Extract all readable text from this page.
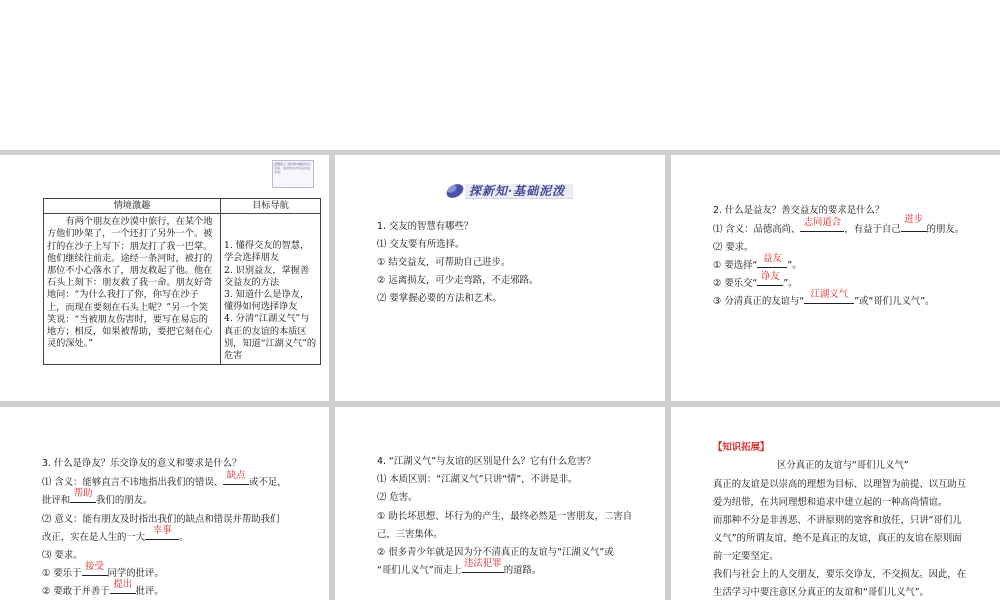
温馨提示 请将课本翻到对应页码，阅读相关内容后完成学案。
情境激趣	目标导航
有两个朋友在沙漠中旅行，在某个地方他们吵架了，一个还打了另外一个。被打的在沙子上写下：朋友打了我一巴掌。他们继续往前走。途经一条河时，被打的那位不小心落水了，朋友救起了他。他在石头上刻下：朋友救了我一命。朋友好奇地问：“为什么我打了你，你写在沙子上，而现在要刻在石头上呢？”另一个笑笑说：“当被朋友伤害时，要写在易忘的地方；相反，如果被帮助，要把它刻在心灵的深处。”	1. 懂得交友的智慧，学会选择朋友
2. 识别益友，掌握善交益友的方法
3. 知道什么是诤友，懂得如何选择诤友
4. 分清“江湖义气”与真正的友谊的本质区别，知道“江湖义气”的危害
探新知·基础泥泼
1. 交友的智慧有哪些？
⑴ 交友要有所选择。
① 结交益友，可帮助自己进步。
② 远离损友，可少走弯路，不走邪路。
⑵ 要掌握必要的方法和艺术。
2. 什么是益友？善交益友的要求是什么？
⑴ 含义：品德高尚、
志同道合
，有益于自己
进步
的朋友。
⑵ 要求。
① 要选择“
益友
”。
② 要乐交“
诤友
”。
③ 分清真正的友谊与“
江湖义气
”或“哥们儿义气”。
3. 什么是诤友？乐交诤友的意义和要求是什么？
⑴ 含义：能够直言不讳地指出我们的错误、
缺点
或不足，
批评和
帮助
我们的朋友。
⑵ 意义：能有朋友及时指出我们的缺点和错误并帮助我们
改正，实在是人生的一大
幸事
。
⑶ 要求。
① 要乐于
接受
同学的批评。
② 要敢于并善于
提出
批评。
4. “江湖义气”与友谊的区别是什么？它有什么危害？
⑴ 本质区别：“江湖义气”只讲“情”，不讲是非。
⑵ 危害。
① 助长坏思想、坏行为的产生，最终必然是一害朋友，二害自
己，三害集体。
② 很多青少年就是因为分不清真正的友谊与“江湖义气”或
“哥们儿义气”而走上
违法犯罪
的道路。
【知识拓展】
区分真正的友谊与“哥们儿义气”
真正的友谊是以崇高的理想为目标、以理智为前提、以互助互
爱为纽带，在共同理想和追求中建立起的一种高尚情谊。
而那种不分是非善恶、不讲原则的宽容和放任，只讲“哥们儿
义气”的所谓友谊，绝不是真正的友谊，真正的友谊在原则面
前一定要坚定。
我们与社会上的人交朋友，要乐交诤友，不交损友。因此，在
生活学习中要注意区分真正的友谊和“哥们儿义气”。
